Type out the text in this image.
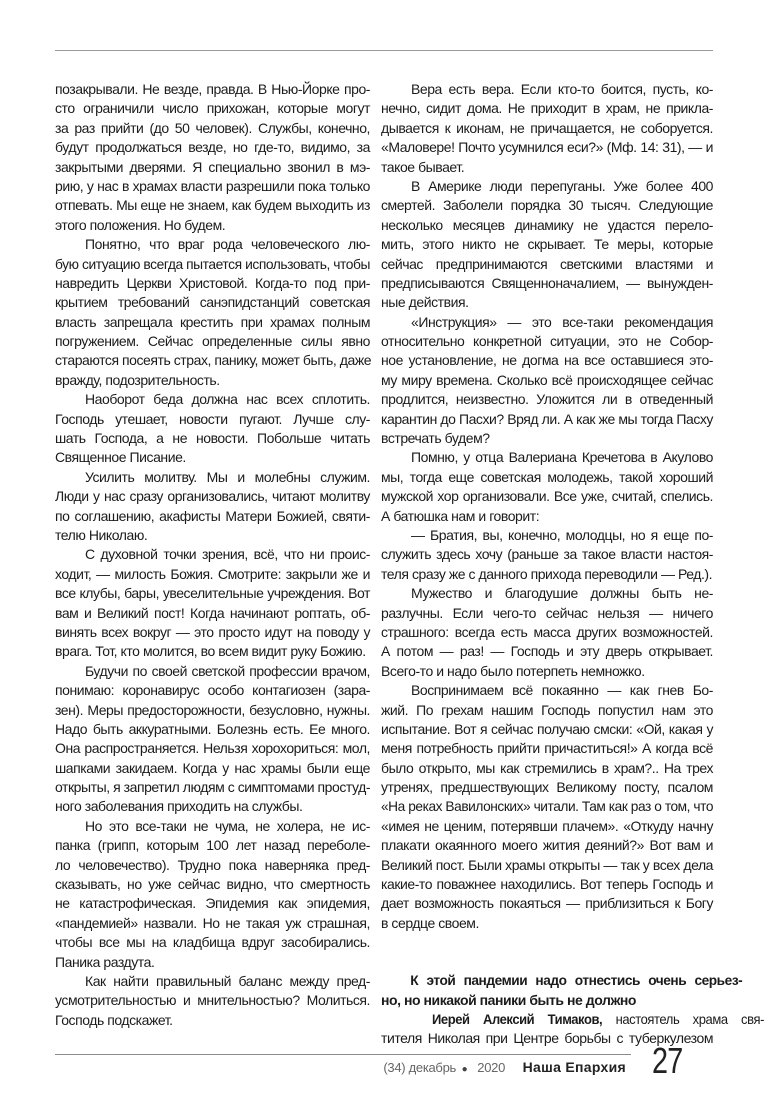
позакрывали. Не везде, правда. В Нью-Йорке про-
сто ограничили число прихожан, которые могут
за раз прийти (до 50 человек). Службы, конечно,
будут продолжаться везде, но где-то, видимо, за
закрытыми дверями. Я специально звонил в мэ-
рию, у нас в храмах власти разрешили пока только
отпевать. Мы еще не знаем, как будем выходить из
этого положения. Но будем.
Понятно, что враг рода человеческого лю-
бую ситуацию всегда пытается использовать, чтобы
навредить Церкви Христовой. Когда-то под при-
крытием требований санэпидстанций советская
власть запрещала крестить при храмах полным
погружением. Сейчас определенные силы явно
стараются посеять страх, панику, может быть, даже
вражду, подозрительность.
Наоборот беда должна нас всех сплотить.
Господь утешает, новости пугают. Лучше слу-
шать Господа, а не новости. Побольше читать
Священное Писание.
Усилить молитву. Мы и молебны служим.
Люди у нас сразу организовались, читают молитву
по соглашению, акафисты Матери Божией, святи-
телю Николаю.
С духовной точки зрения, всё, что ни проис-
ходит, — милость Божия. Смотрите: закрыли же и
все клубы, бары, увеселительные учреждения. Вот
вам и Великий пост! Когда начинают роптать, об-
винять всех вокруг — это просто идут на поводу у
врага. Тот, кто молится, во всем видит руку Божию.
Будучи по своей светской профессии врачом,
понимаю: коронавирус особо контагиозен (зара-
зен). Меры предосторожности, безусловно, нужны.
Надо быть аккуратными. Болезнь есть. Ее много.
Она распространяется. Нельзя хорохориться: мол,
шапками закидаем. Когда у нас храмы были еще
открыты, я запретил людям с симптомами простуд-
ного заболевания приходить на службы.
Но это все-таки не чума, не холера, не ис-
панка (грипп, которым 100 лет назад переболе-
ло человечество). Трудно пока наверняка пред-
сказывать, но уже сейчас видно, что смертность
не катастрофическая. Эпидемия как эпидемия,
«пандемией» назвали. Но не такая уж страшная,
чтобы все мы на кладбища вдруг засобирались.
Паника раздута.
Как найти правильный баланс между пред-
усмотрительностью и мнительностью? Молиться.
Господь подскажет.
Вера есть вера. Если кто-то боится, пусть, ко-
нечно, сидит дома. Не приходит в храм, не прикла-
дывается к иконам, не причащается, не соборуется.
«Маловере! Почто усумнился еси?» (Мф. 14: 31), — и
такое бывает.
В Америке люди перепуганы. Уже более 400
смертей. Заболели порядка 30 тысяч. Следующие
несколько месяцев динамику не удастся перело-
мить, этого никто не скрывает. Те меры, которые
сейчас предпринимаются светскими властями и
предписываются Священноначалием, — вынужден-
ные действия.
«Инструкция» — это все-таки рекомендация
относительно конкретной ситуации, это не Собор-
ное установление, не догма на все оставшиеся это-
му миру времена. Сколько всё происходящее сейчас
продлится, неизвестно. Уложится ли в отведенный
карантин до Пасхи? Вряд ли. А как же мы тогда Пасху
встречать будем?
Помню, у отца Валериана Кречетова в Акулово
мы, тогда еще советская молодежь, такой хороший
мужской хор организовали. Все уже, считай, спелись.
А батюшка нам и говорит:
— Братия, вы, конечно, молодцы, но я еще по-
служить здесь хочу (раньше за такое власти настоя-
теля сразу же с данного прихода переводили — Ред.).
Мужество и благодушие должны быть не-
разлучны. Если чего-то сейчас нельзя — ничего
страшного: всегда есть масса других возможностей.
А потом — раз! — Господь и эту дверь открывает.
Всего-то и надо было потерпеть немножко.
Воспринимаем всё покаянно — как гнев Бо-
жий. По грехам нашим Господь попустил нам это
испытание. Вот я сейчас получаю смски: «Ой, какая у
меня потребность прийти причаститься!» А когда всё
было открыто, мы как стремились в храм?.. На трех
утренях, предшествующих Великому посту, псалом
«На реках Вавилонских» читали. Там как раз о том, что
«имея не ценим, потерявши плачем». «Откуду начну
плакати окаянного моего жития деяний?» Вот вам и
Великий пост. Были храмы открыты — так у всех дела
какие-то поважнее находились. Вот теперь Господь и
дает возможность покаяться — приблизиться к Богу
в сердце своем.
К этой пандемии надо отнестись очень серьез-
но, но никакой паники быть не должно
Иерей Алексий Тимаков, настоятель храма свя-
тителя Николая при Центре борьбы с туберкулезом
(34) декабрь ● 2020 Наша Епархия 27
